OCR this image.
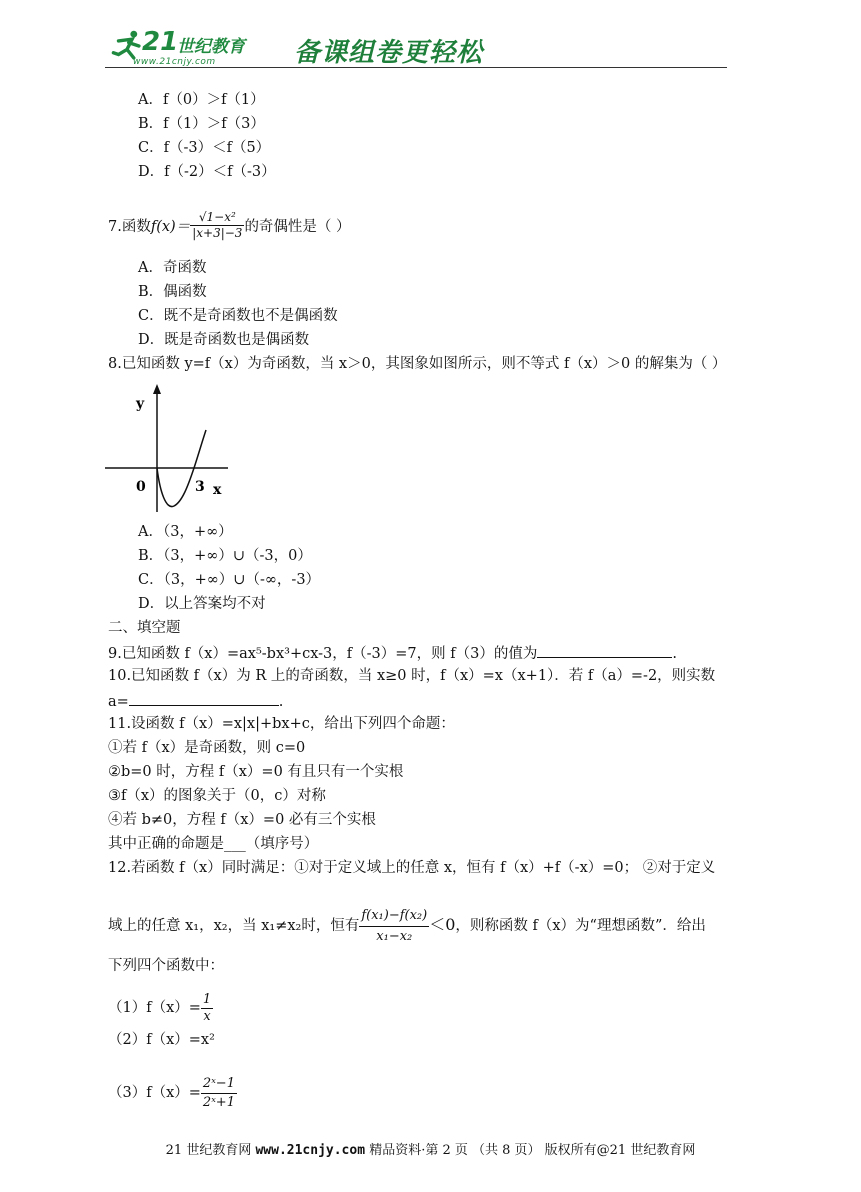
21
世纪教育
www.21cnjy.com	备课组卷更轻松
A．f（0）＞f（1）
B．f（1）＞f（3）
C．f（-3）＜f（5）
D．f（-2）＜f（-3）
7.函数$f(x)= \frac{\text{√1−x²}}{|x+3|-3}$ 的奇偶性是（ ）
A．奇函数
B．偶函数
C．既不是奇函数也不是偶函数
D．既是奇函数也是偶函数
8.已知函数 y=f（x）为奇函数，当 x＞0，其图象如图所示，则不等式 f（x）＞0 的解集为（ ）
y
x
0	3
A．（3，+∞）
B．（3，+∞）∪（-3，0）
C．（3，+∞）∪（-∞，-3）
D．以上答案均不对
二、填空题
9.已知函数 f（x）=ax⁵-bx³+cx-3，f（-3）=7，则 f（3）的值为	.
10.已知函数 f（x）为 R 上的奇函数，当 x≥0 时，f（x）=x（x+1）．若 f（a）=-2，则实数
a=	.
11.设函数 f（x）=x|x|+bx+c，给出下列四个命题：
①若 f（x）是奇函数，则 c=0
②b=0 时，方程 f（x）=0 有且只有一个实根
③f（x）的图象关于（0，c）对称
④若 b≠0，方程 f（x）=0 必有三个实根
其中正确的命题是___（填序号）
12.若函数 f（x）同时满足：①对于定义域上的任意 x，恒有 f（x）+f（-x）=0； ②对于定义
域上的任意 x₁，x₂，当 x₁≠x₂时，恒有 $\frac{\text{f(x₁)−f(x₂)}}{\text{x₁−x₂}} <0$，则称函数 f（x）为“理想函数”．给出
下列四个函数中：
$(1)f(x)= \frac{1}{x}$
（2）f（x）=x²
$(3)f(x)= \frac{\text{2ˣ−1}}{\text{2ˣ+1}}$
21 世纪教育网 www.21cnjy.com 精品资料·第 2 页 （共 8 页） 版权所有@21 世纪教育网
